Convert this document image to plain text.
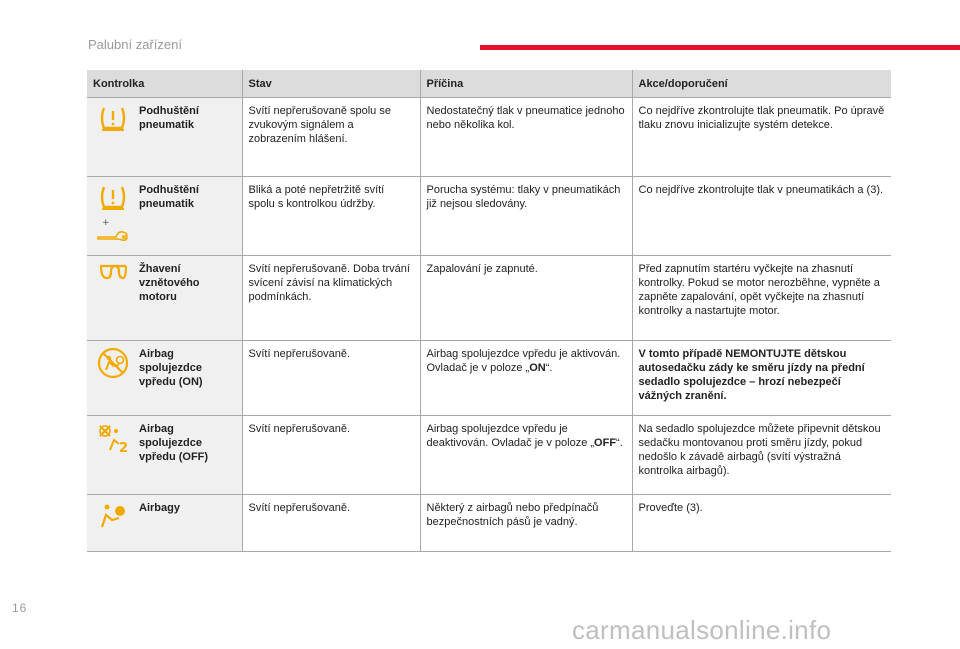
Palubní zařízení
Kontrolka	Stav	Příčina	Akce/doporučení

Podhuštění pneumatik	Svítí nepřerušovaně spolu se zvukovým signálem a zobrazením hlášení.	Nedostatečný tlak v pneumatice jednoho nebo několika kol.	Co nejdříve zkontrolujte tlak pneumatik. Po úpravě tlaku znovu inicializujte systém detekce.

+
Podhuštění pneumatik	Bliká a poté nepřetržitě svítí spolu s kontrolkou údržby.	Porucha systému: tlaky v pneumatikách již nejsou sledovány.	Co nejdříve zkontrolujte tlak v pneumatikách a (3).

Žhavení vznětového motoru	Svítí nepřerušovaně. Doba trvání svícení závisí na klimatických podmínkách.	Zapalování je zapnuté.	Před zapnutím startéru vyčkejte na zhasnutí kontrolky. Pokud se motor nerozběhne, vypněte a zapněte zapalování, opět vyčkejte na zhasnutí kontrolky a nastartujte motor.

Airbag spolujezdce vpředu (ON)	Svítí nepřerušovaně.	Airbag spolujezdce vpředu je aktivován. Ovladač je v poloze „ON“.	V tomto případě NEMONTUJTE dětskou autosedačku zády ke směru jízdy na přední sedadlo spolujezdce – hrozí nebezpečí vážných zranění.

2
Airbag spolujezdce vpředu (OFF)	Svítí nepřerušovaně.	Airbag spolujezdce vpředu je deaktivován. Ovladač je v poloze „OFF“.	Na sedadlo spolujezdce můžete připevnit dětskou sedačku montovanou proti směru jízdy, pokud nedošlo k závadě airbagů (svítí výstražná kontrolka airbagů).

Airbagy	Svítí nepřerušovaně.	Některý z airbagů nebo předpínačů bezpečnostních pásů je vadný.	Proveďte (3).
16
carmanualsonline.info
